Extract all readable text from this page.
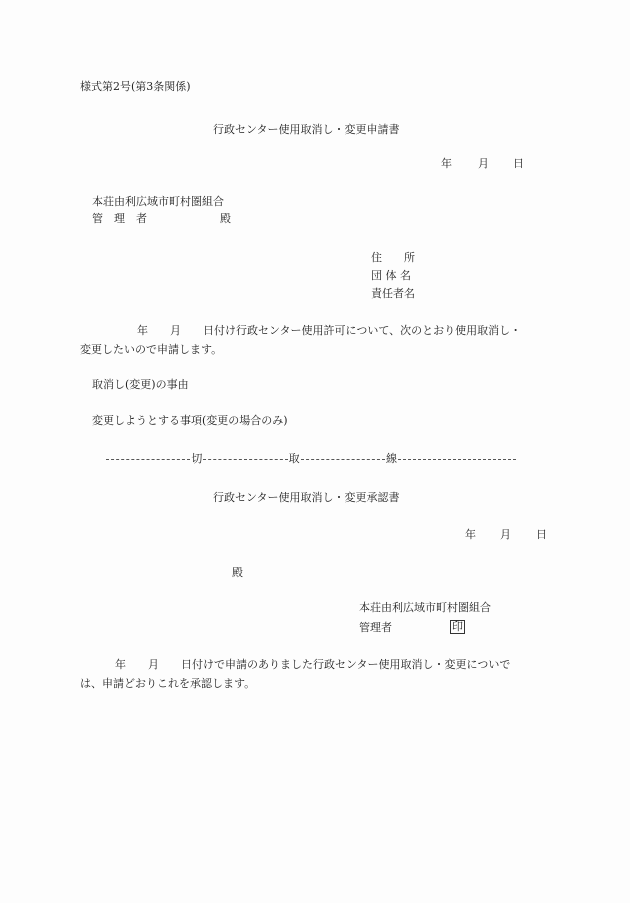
様式第2号(第3条関係)
行政センター使用取消し・変更申請書
年 月 日
本荘由利広域市町村圏組合
管　理　者	殿
住　　所
団 体 名
責任者名
年　　月　　日付け行政センター使用許可について、次のとおり使用取消し・
変更したいので申請します。
取消し(変更)の事由
変更しようとする事項(変更の場合のみ)
切	取	線
行政センター使用取消し・変更承認書
年 月 日
殿
本荘由利広域市町村圏組合
管理者	印
年　　月　　日付けで申請のありました行政センター使用取消し・変更についで
は、申請どおりこれを承認します。
